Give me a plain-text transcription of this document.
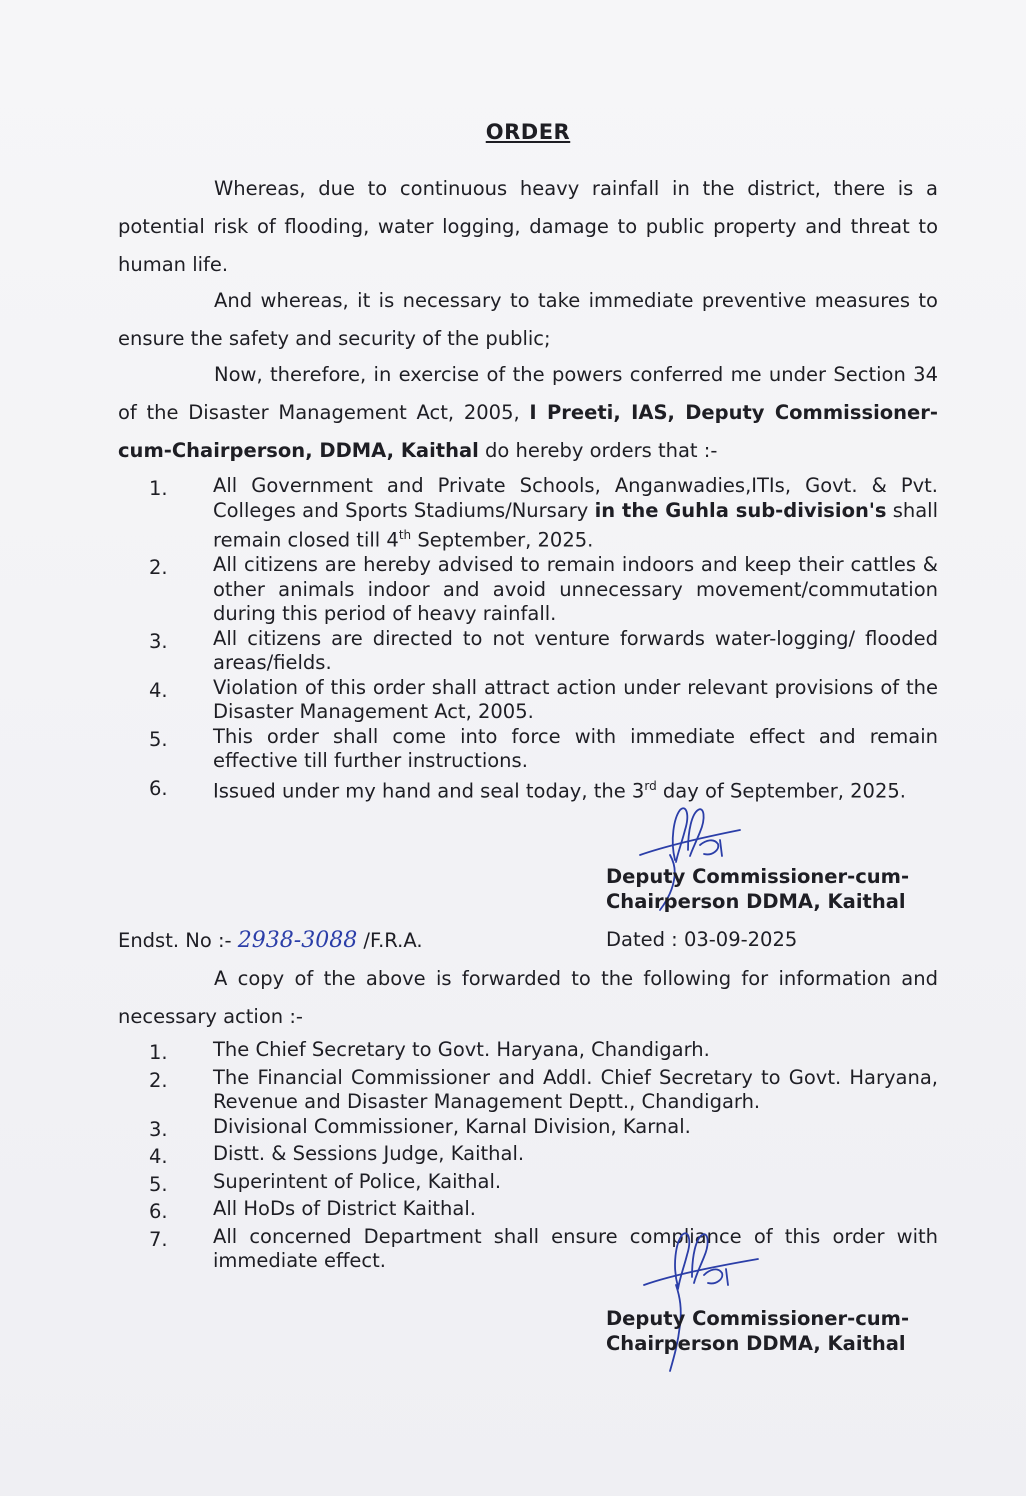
ORDER

Whereas, due to continuous heavy rainfall in the district, there is a potential risk of flooding, water logging, damage to public property and threat to human life.

And whereas, it is necessary to take immediate preventive measures to ensure the safety and security of the public;

Now, therefore, in exercise of the powers conferred me under Section 34 of the Disaster Management Act, 2005, I Preeti, IAS, Deputy Commissioner-cum-Chairperson, DDMA, Kaithal do hereby orders that :-

1.	All Government and Private Schools, Anganwadies,ITIs, Govt. & Pvt. Colleges and Sports Stadiums/Nursary in the Guhla sub-division's shall remain closed till 4th September, 2025.
2.	All citizens are hereby advised to remain indoors and keep their cattles & other animals indoor and avoid unnecessary movement/commutation during this period of heavy rainfall.
3.	All citizens are directed to not venture forwards water-logging/ flooded areas/fields.
4.	Violation of this order shall attract action under relevant provisions of the Disaster Management Act, 2005.
5.	This order shall come into force with immediate effect and remain effective till further instructions.
6.	Issued under my hand and seal today, the 3rd day of September, 2025.
Deputy Commissioner-cum-
Chairperson DDMA, Kaithal
Endst. No :- 2938-3088 /F.R.A.	Dated : 03-09-2025

A copy of the above is forwarded to the following for information and necessary action :-

1.	The Chief Secretary to Govt. Haryana, Chandigarh.
2.	The Financial Commissioner and Addl. Chief Secretary to Govt. Haryana, Revenue and Disaster Management Deptt., Chandigarh.
3.	Divisional Commissioner, Karnal Division, Karnal.
4.	Distt. & Sessions Judge, Kaithal.
5.	Superintent of Police, Kaithal.
6.	All HoDs of District Kaithal.
7.	All concerned Department shall ensure compliance of this order with immediate effect.
Deputy Commissioner-cum-
Chairperson DDMA, Kaithal
